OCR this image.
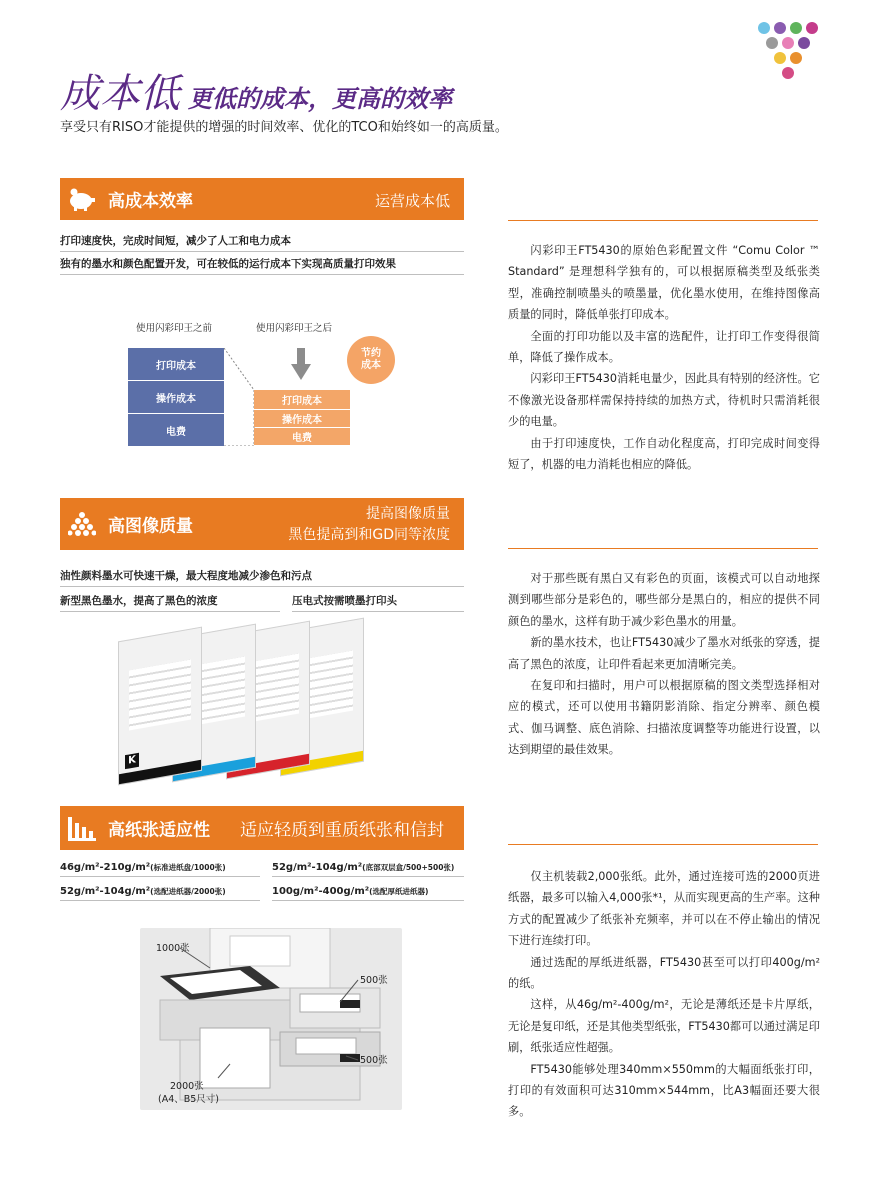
成本低 更低的成本，更高的效率
享受只有RISO才能提供的增强的时间效率、优化的TCO和始终如一的高质量。
高成本效率	运营成本低
打印速度快，完成时间短，减少了人工和电力成本
独有的墨水和颜色配置开发，可在较低的运行成本下实现高质量打印效果
使用闪彩印王之前	使用闪彩印王之后
打印成本
操作成本
电费
打印成本
操作成本
电费
节约成本

闪彩印王FT5430的原始色彩配置文件 “Comu Color ™ Standard” 是理想科学独有的，可以根据原稿类型及纸张类型，准确控制喷墨头的喷墨量，优化墨水使用，在维持图像高质量的同时，降低单张打印成本。

全面的打印功能以及丰富的选配件，让打印工作变得很简单，降低了操作成本。

闪彩印王FT5430消耗电量少，因此具有特别的经济性。它不像激光设备那样需保持持续的加热方式，待机时只需消耗很少的电量。

由于打印速度快，工作自动化程度高，打印完成时间变得短了，机器的电力消耗也相应的降低。

高图像质量
提高图像质量
黑色提高到和GD同等浓度
油性颜料墨水可快速干燥，最大程度地减少渗色和污点
新型黑色墨水，提高了黑色的浓度	压电式按需喷墨打印头
K

对于那些既有黑白又有彩色的页面，该模式可以自动地探测到哪些部分是彩色的，哪些部分是黑白的，相应的提供不同颜色的墨水，这样有助于减少彩色墨水的用量。

新的墨水技术，也让FT5430减少了墨水对纸张的穿透，提高了黑色的浓度，让印件看起来更加清晰完美。

在复印和扫描时，用户可以根据原稿的图文类型选择相对应的模式，还可以使用书籍阴影消除、指定分辨率、颜色模式、伽马调整、底色消除、扫描浓度调整等功能进行设置，以达到期望的最佳效果。

高纸张适应性 适应轻质到重质纸张和信封
46g/m²-210g/m²(标准进纸盘/1000张)	52g/m²-104g/m²(底部双层盒/500+500张)
52g/m²-104g/m²(选配进纸器/2000张)	100g/m²-400g/m²(选配厚纸进纸器)
1000张
500张
500张
2000张
(A4、B5尺寸)

仅主机装载2,000张纸。此外，通过连接可选的2000页进纸器，最多可以输入4,000张*¹，从而实现更高的生产率。这种方式的配置减少了纸张补充频率，并可以在不停止输出的情况下进行连续打印。

通过选配的厚纸进纸器，FT5430甚至可以打印400g/m²的纸。

这样，从46g/m²-400g/m²，无论是薄纸还是卡片厚纸，无论是复印纸，还是其他类型纸张，FT5430都可以通过满足印刷，纸张适应性超强。

FT5430能够处理340mm×550mm的大幅面纸张打印，打印的有效面积可达310mm×544mm，比A3幅面还要大很多。
